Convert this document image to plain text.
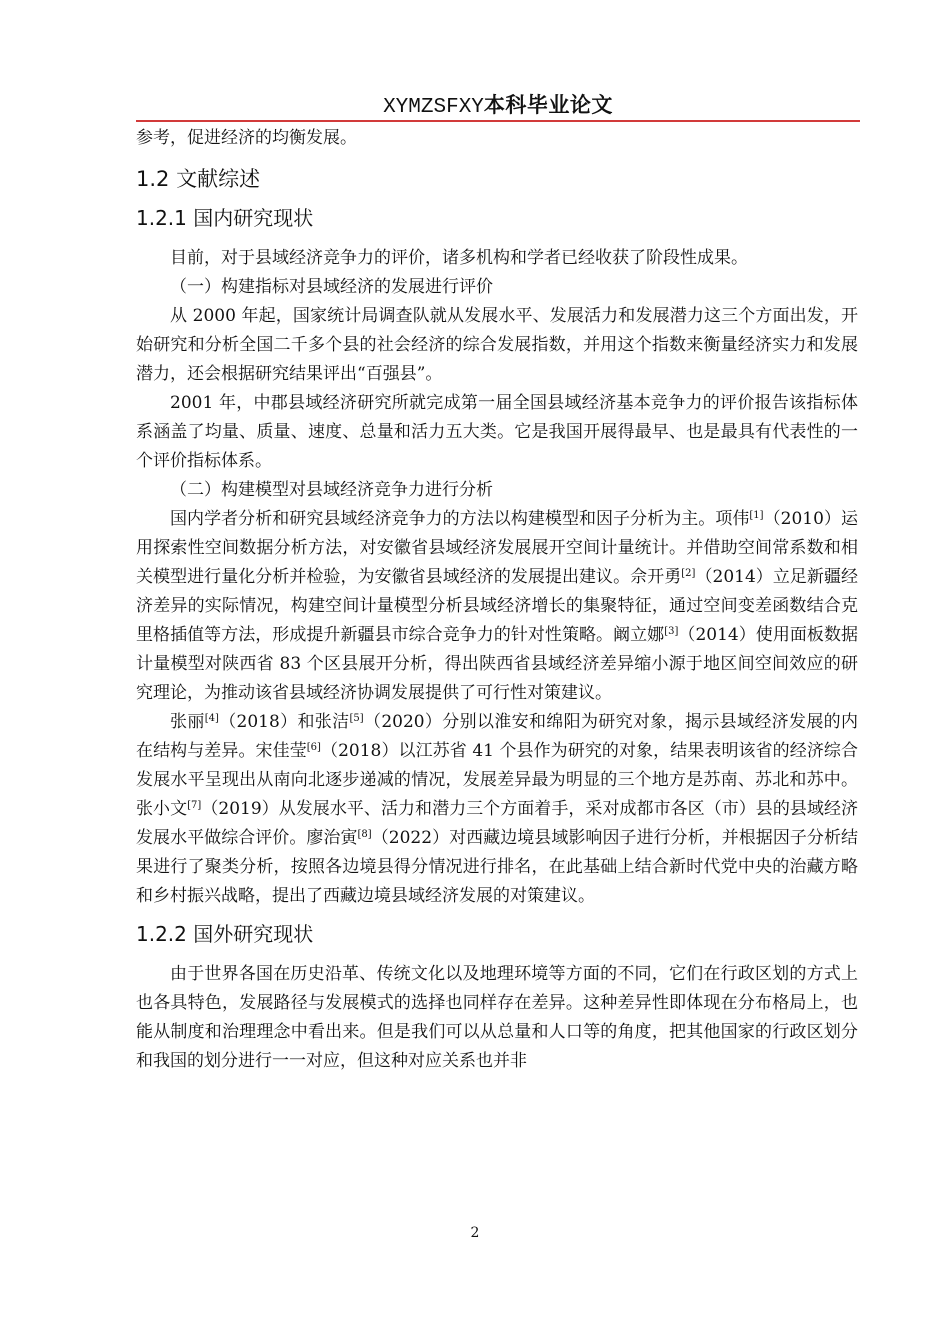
XYMZSFXY本科毕业论文

参考，促进经济的均衡发展。

1.2 文献综述
1.2.1 国内研究现状

目前，对于县域经济竞争力的评价，诸多机构和学者已经收获了阶段性成果。

（一）构建指标对县域经济的发展进行评价

从 2000 年起，国家统计局调查队就从发展水平、发展活力和发展潜力这三个方面出发，开始研究和分析全国二千多个县的社会经济的综合发展指数，并用这个指数来衡量经济实力和发展潜力，还会根据研究结果评出“百强县”。

2001 年，中郡县域经济研究所就完成第一届全国县域经济基本竞争力的评价报告该指标体系涵盖了均量、质量、速度、总量和活力五大类。它是我国开展得最早、也是最具有代表性的一个评价指标体系。

（二）构建模型对县域经济竞争力进行分析

国内学者分析和研究县域经济竞争力的方法以构建模型和因子分析为主。项伟[1]（2010）运用探索性空间数据分析方法，对安徽省县域经济发展展开空间计量统计。并借助空间常系数和相关模型进行量化分析并检验，为安徽省县域经济的发展提出建议。佘开勇[2]（2014）立足新疆经济差异的实际情况，构建空间计量模型分析县域经济增长的集聚特征，通过空间变差函数结合克里格插值等方法，形成提升新疆县市综合竞争力的针对性策略。阚立娜[3]（2014）使用面板数据计量模型对陕西省 83 个区县展开分析，得出陕西省县域经济差异缩小源于地区间空间效应的研究理论，为推动该省县域经济协调发展提供了可行性对策建议。

张丽[4]（2018）和张洁[5]（2020）分别以淮安和绵阳为研究对象，揭示县域经济发展的内在结构与差异。宋佳莹[6]（2018）以江苏省 41 个县作为研究的对象，结果表明该省的经济综合发展水平呈现出从南向北逐步递减的情况，发展差异最为明显的三个地方是苏南、苏北和苏中。张小文[7]（2019）从发展水平、活力和潜力三个方面着手，采对成都市各区（市）县的县域经济发展水平做综合评价。廖治寅[8]（2022）对西藏边境县域影响因子进行分析，并根据因子分析结果进行了聚类分析，按照各边境县得分情况进行排名，在此基础上结合新时代党中央的治藏方略和乡村振兴战略，提出了西藏边境县域经济发展的对策建议。

1.2.2 国外研究现状

由于世界各国在历史沿革、传统文化以及地理环境等方面的不同，它们在行政区划的方式上也各具特色，发展路径与发展模式的选择也同样存在差异。这种差异性即体现在分布格局上，也能从制度和治理理念中看出来。但是我们可以从总量和人口等的角度，把其他国家的行政区划分和我国的划分进行一一对应，但这种对应关系也并非

2
